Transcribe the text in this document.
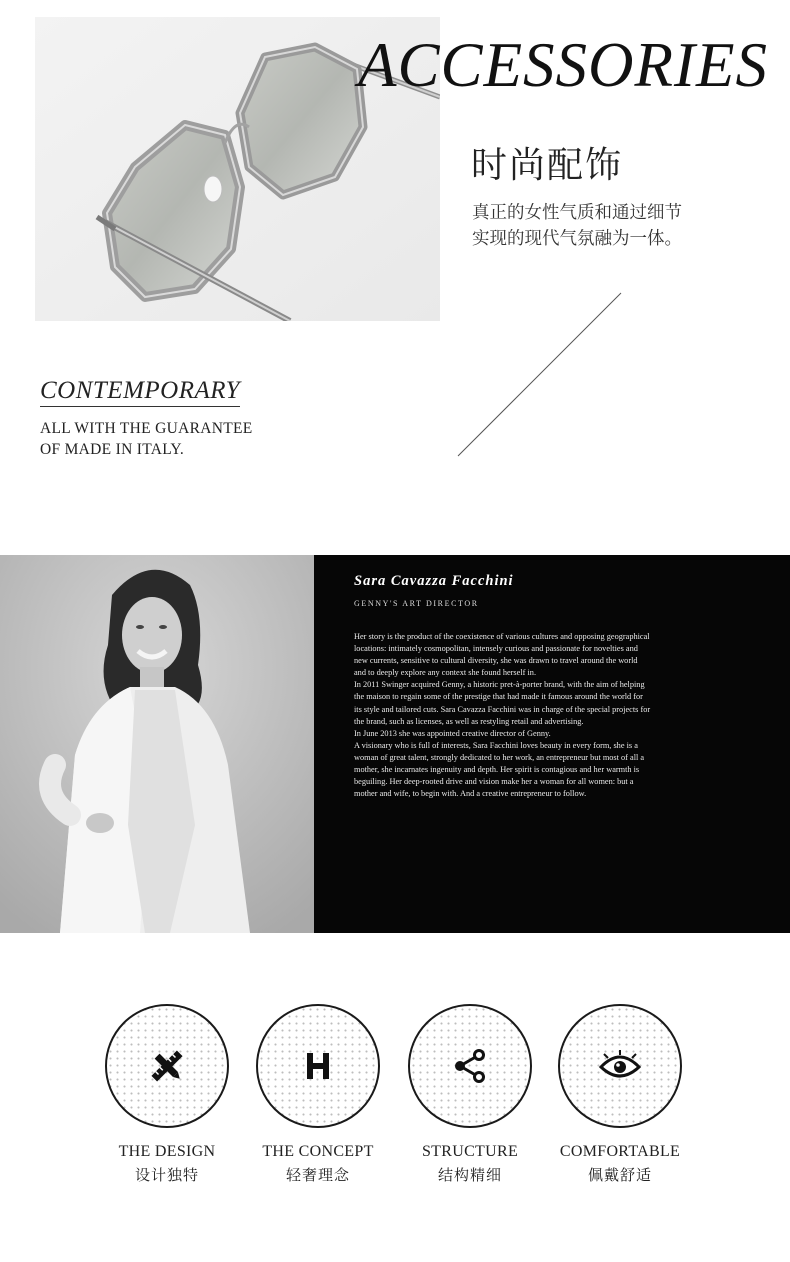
ACCESSORIES
时尚配饰
真正的女性气质和通过细节
实现的现代气氛融为一体。
CONTEMPORARY
ALL WITH THE GUARANTEE
OF MADE IN ITALY.
Sara Cavazza Facchini
GENNY'S ART DIRECTOR

Her story is the product of the coexistence of various cultures and opposing geographical

locations: intimately cosmopolitan, intensely curious and passionate for novelties and

new currents, sensitive to cultural diversity, she was drawn to travel around the world

and to deeply explore any context she found herself in.

In 2011 Swinger acquired Genny, a historic pret-à-porter brand, with the aim of helping

the maison to regain some of the prestige that had made it famous around the world for

its style and tailored cuts. Sara Cavazza Facchini was in charge of the special projects for

the brand, such as licenses, as well as restyling retail and advertising.

In June 2013 she was appointed creative director of Genny.

A visionary who is full of interests, Sara Facchini loves beauty in every form, she is a

woman of great talent, strongly dedicated to her work, an entrepreneur but most of all a

mother, she incarnates ingenuity and depth. Her spirit is contagious and her warmth is

beguiling. Her deep-rooted drive and vision make her a woman for all women: but a

mother and wife, to begin with. And a creative entrepreneur to follow.

THE DESIGN
设计独特
THE CONCEPT
轻奢理念
STRUCTURE
结构精细
COMFORTABLE
佩戴舒适
